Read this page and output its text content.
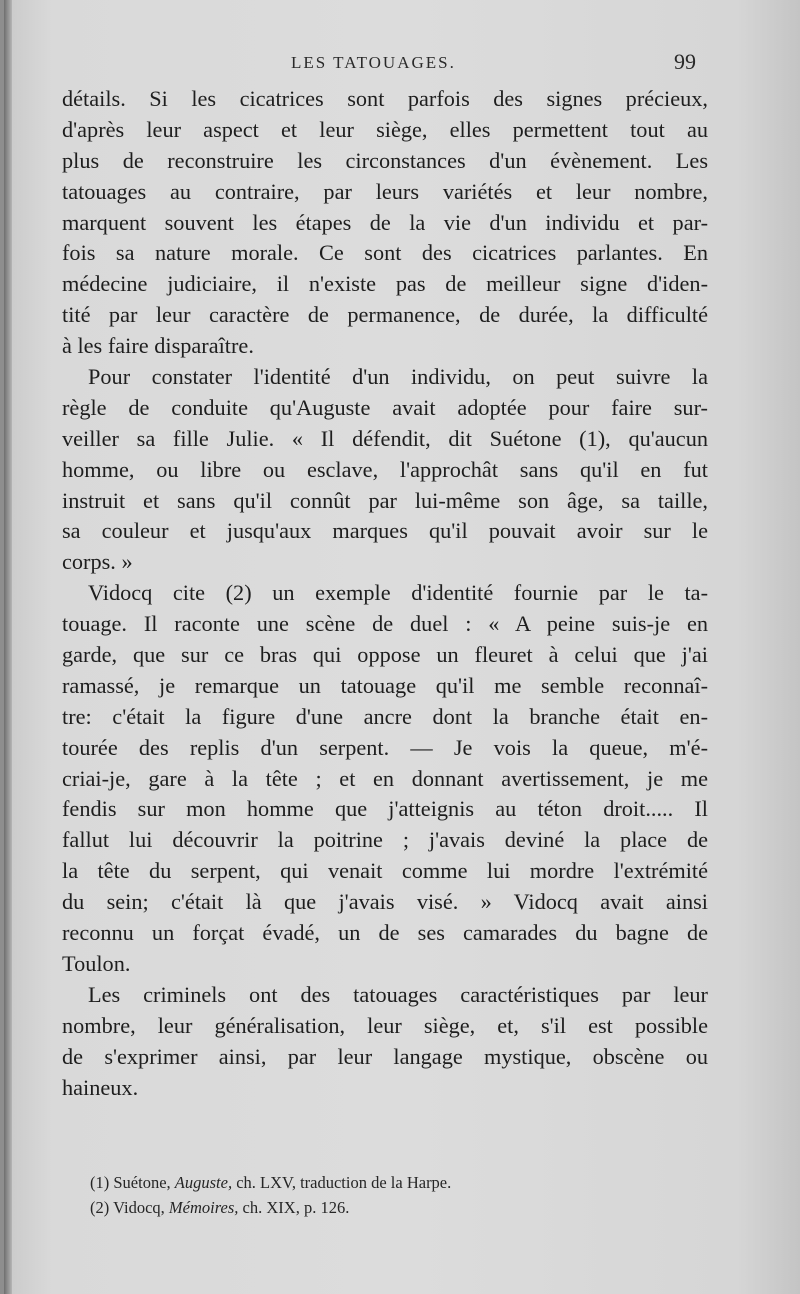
LES TATOUAGES.	99
détails. Si les cicatrices sont parfois des signes précieux,
d'après leur aspect et leur siège, elles permettent tout au
plus de reconstruire les circonstances d'un évènement. Les
tatouages au contraire, par leurs variétés et leur nombre,
marquent souvent les étapes de la vie d'un individu et par-
fois sa nature morale. Ce sont des cicatrices parlantes. En
médecine judiciaire, il n'existe pas de meilleur signe d'iden-
tité par leur caractère de permanence, de durée, la difficulté
à les faire disparaître.
Pour constater l'identité d'un individu, on peut suivre la
règle de conduite qu'Auguste avait adoptée pour faire sur-
veiller sa fille Julie. « Il défendit, dit Suétone (1), qu'aucun
homme, ou libre ou esclave, l'approchât sans qu'il en fut
instruit et sans qu'il connût par lui-même son âge, sa taille,
sa couleur et jusqu'aux marques qu'il pouvait avoir sur le
corps. »
Vidocq cite (2) un exemple d'identité fournie par le ta-
touage. Il raconte une scène de duel : « A peine suis-je en
garde, que sur ce bras qui oppose un fleuret à celui que j'ai
ramassé, je remarque un tatouage qu'il me semble reconnaî-
tre: c'était la figure d'une ancre dont la branche était en-
tourée des replis d'un serpent. — Je vois la queue, m'é-
criai-je, gare à la tête ; et en donnant avertissement, je me
fendis sur mon homme que j'atteignis au téton droit..... Il
fallut lui découvrir la poitrine ; j'avais deviné la place de
la tête du serpent, qui venait comme lui mordre l'extrémité
du sein; c'était là que j'avais visé. » Vidocq avait ainsi
reconnu un forçat évadé, un de ses camarades du bagne de
Toulon.
Les criminels ont des tatouages caractéristiques par leur
nombre, leur généralisation, leur siège, et, s'il est possible
de s'exprimer ainsi, par leur langage mystique, obscène ou
haineux.
(1) Suétone, Auguste, ch. LXV, traduction de la Harpe.
(2) Vidocq, Mémoires, ch. XIX, p. 126.
